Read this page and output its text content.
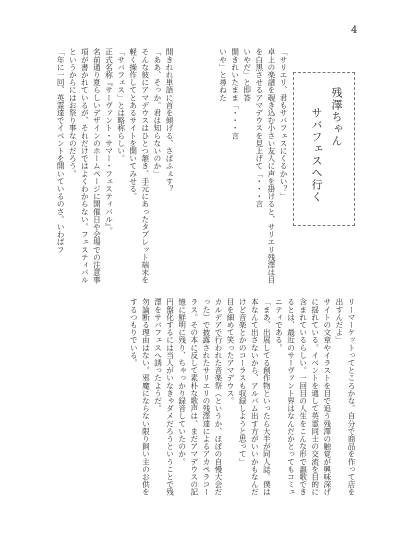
4
残澤ちゃん
サバフェスへ行く
「サリエリ、君もサバフェスにくるかい？」
卓上の楽譜を覗き込む小さい友人に声を掛けると、サリエリ残澤は目を白黒させるアマデウスを見上げて「・・・言
いやだ」と即答
開きれいたまま「・・・言
いや」と尋ねた
開きれれ単語に首を傾げる、さぱふぇす？
「ああ、そっか。君は知らないのか」
そんな彼にアマデウスはひとつ頷き、手元にあったタブレット端末を軽く操作してとあるサイトを開いてみせる。
「サバフェス」とは略称らしい。
正式名称『サーヴァント・サマー・フェスティバル』。
名前通り夏らしいデザインのホームページに開催日や会場での注意事項が書かれているが、それだけではよくわからない。フェスティバルというからにはお祭り事なのだろう。
「年に一回、英霊達でイベントを開いているのさ。いわばフ
リーマーケットってところかな。自分で商品を作って店を出すんだよ」
サイトの文章やイラストを目で追う残澤の触覚が興味深げに揺れている。イベントを通して英霊同士の交流を目的に含まれているらしい。一回目の人生をこんな形で謳歌できるとは、最近のサーヴァント界はなんだかとってもコミュニティである。
「まあ、出展してる創作物といったら大半が同人誌。僕は本なんて出さないから、アルバム出す方がいいかもなんだけど音楽とかのコーラスも収録しようと思って」
目を細めて笑ったアマデウス。
カルデアで行われた音楽祭（というか、ほぼの自慢大会だった）で披露されたサリエリの残澤達によるアカペラコーラス。その本に反して素朴な歌声は、まだアマデウスの記憶に鮮明に残り、ちゃっかり録音していたのか。
円盤化するには当人がいなきゃダメだろうということで残澤をサバフェスへ誘ったようだ。
勿論断る理由はない。邪魔にならない限り飼い主のお供をするつもりでいる。
